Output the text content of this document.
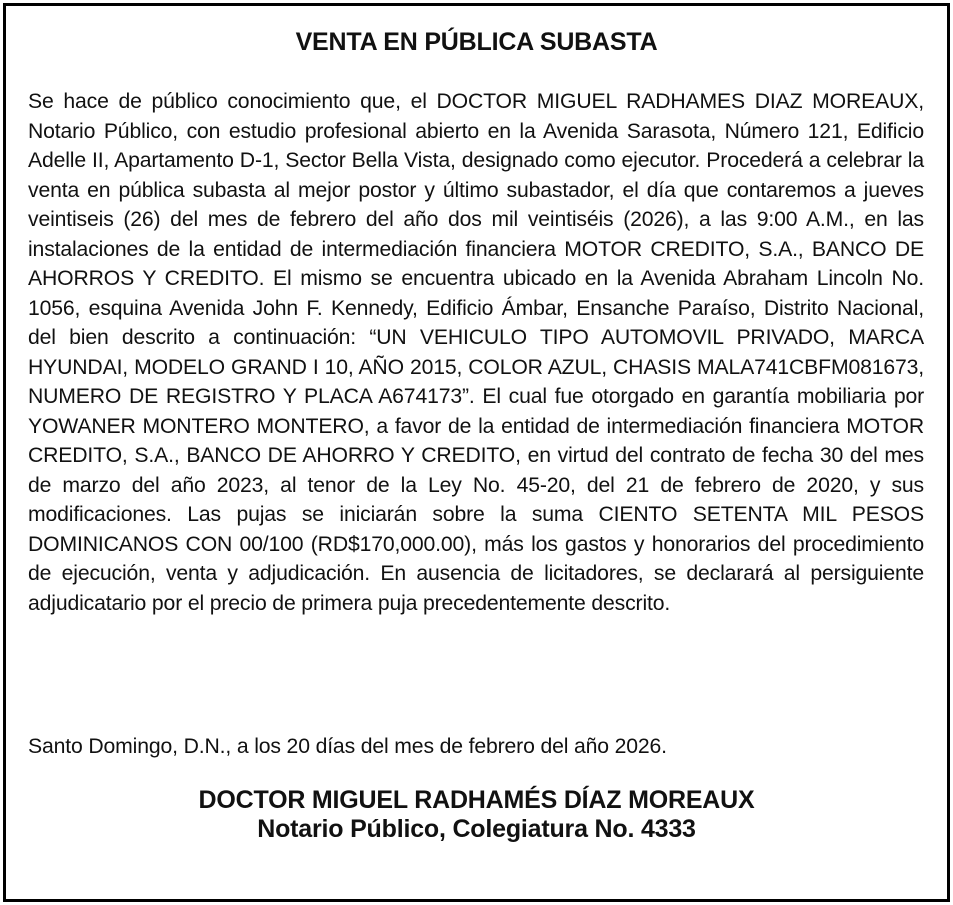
VENTA EN PÚBLICA SUBASTA

Se hace de público conocimiento que, el DOCTOR MIGUEL RADHAMES DIAZ MOREAUX, Notario Público, con estudio profesional abierto en la Avenida Sarasota, Número 121, Edificio Adelle II, Apartamento D-1, Sector Bella Vista, designado como ejecutor. Procederá a celebrar la venta en pública subasta al mejor postor y último subastador, el día que contaremos a jueves veintiseis (26) del mes de febrero del año dos mil veintiséis (2026), a las 9:00 A.M., en las instalaciones de la entidad de intermediación financiera MOTOR CREDITO, S.A., BANCO DE AHORROS Y CREDITO. El mismo se encuentra ubicado en la Avenida Abraham Lincoln No. 1056, esquina Avenida John F. Kennedy, Edificio Ámbar, Ensanche Paraíso, Distrito Nacional, del bien descrito a continuación: “UN VEHICULO TIPO AUTOMOVIL PRIVADO, MARCA HYUNDAI, MODELO GRAND I 10, AÑO 2015, COLOR AZUL, CHASIS MALA741CBFM081673, NUMERO DE REGISTRO Y PLACA A674173”. El cual fue otorgado en garantía mobiliaria por YOWANER MONTERO MONTERO, a favor de la entidad de intermediación financiera MOTOR CREDITO, S.A., BANCO DE AHORRO Y CREDITO, en virtud del contrato de fecha 30 del mes de marzo del año 2023, al tenor de la Ley No. 45-20, del 21 de febrero de 2020, y sus modificaciones. Las pujas se iniciarán sobre la suma CIENTO SETENTA MIL PESOS DOMINICANOS CON 00/100 (RD$170,000.00), más los gastos y honorarios del procedimiento de ejecución, venta y adjudicación. En ausencia de licitadores, se declarará al persiguiente adjudicatario por el precio de primera puja precedentemente descrito.

Santo Domingo, D.N., a los 20 días del mes de febrero del año 2026.

DOCTOR MIGUEL RADHAMÉS DÍAZ MOREAUX
Notario Público, Colegiatura No. 4333
